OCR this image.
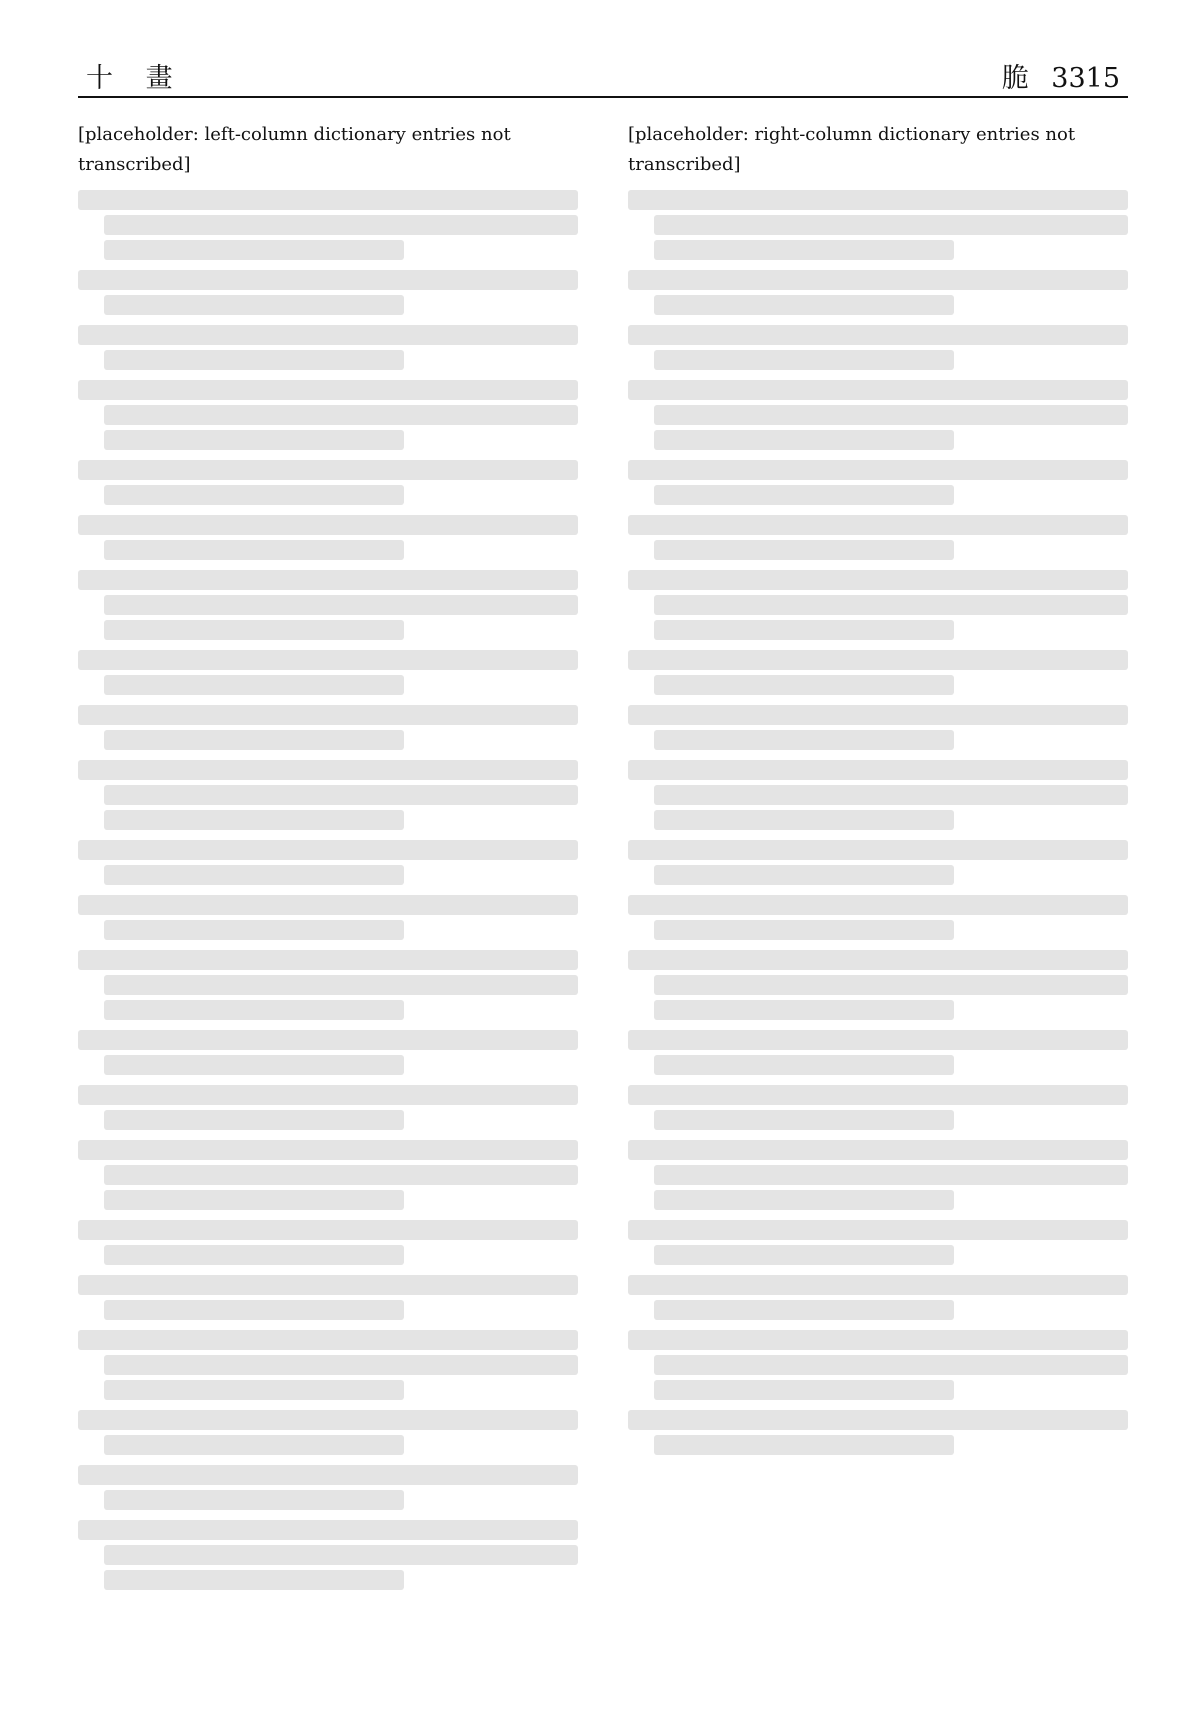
十 畫	脆 3315
[placeholder: left-column dictionary entries not transcribed]
[placeholder: right-column dictionary entries not transcribed]
